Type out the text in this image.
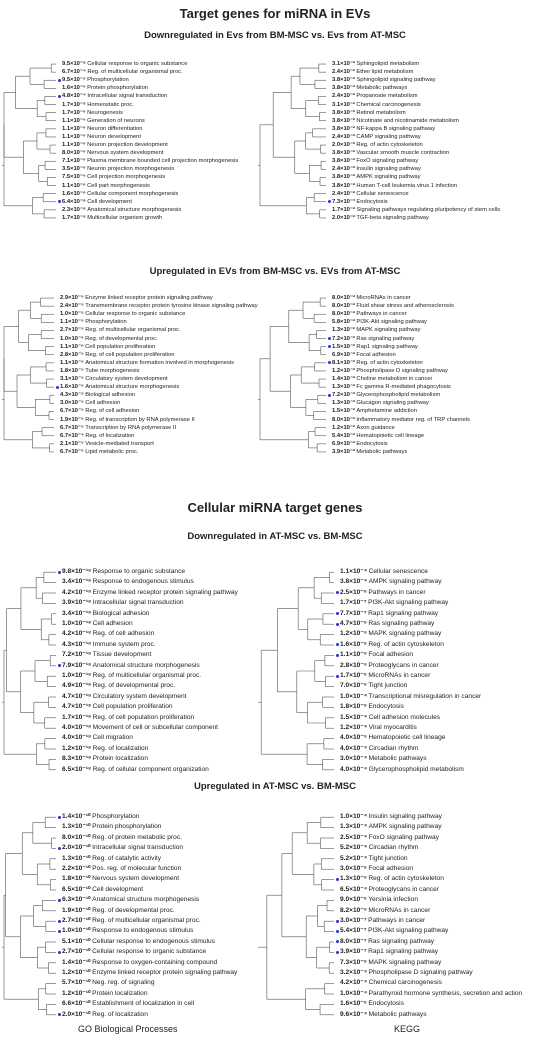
Target genes for miRNA in EVs
Downregulated in Evs from BM-MSC vs. Evs from AT-MSC
Upregulated in EVs from BM-MSC vs. EVs from AT-MSC
Cellular miRNA target genes
Downregulated in AT-MSC vs. BM-MSC
Upregulated in AT-MSC vs. BM-MSC
GO Biological Processes	KEGG
9.5×10⁻⁸ Cellular response to organic substance
6.7×10⁻⁴ Reg. of multicellular organismal proc.
9.5×10⁻⁶ Phosphorylation
1.6×10⁻⁶ Protein phosphorylation
4.8×10⁻⁴ Intracellular signal transduction
1.7×10⁻⁸ Homeostatic proc.
1.7×10⁻⁶ Neurogenesis
1.1×10⁻⁶ Generation of neurons
1.1×10⁻⁶ Neuron differentiation
1.1×10⁻⁶ Neuron development
1.1×10⁻⁶ Neuron projection development
8.0×10⁻⁶ Nervous system development
7.1×10⁻⁶ Plasma membrane bounded cell projection morphogenesis
3.5×10⁻⁶ Neuron projection morphogenesis
7.5×10⁻⁶ Cell projection morphogenesis
1.1×10⁻⁶ Cell part morphogenesis
1.6×10⁻⁶ Cellular component morphogenesis
6.4×10⁻⁸ Cell development
2.3×10⁻⁸ Anatomical structure morphogenesis
1.7×10⁻⁸ Multicellular organism growth
3.1×10⁻² Sphingolipid metabolism
2.4×10⁻² Ether lipid metabolism
3.8×10⁻² Sphingolipid signaling pathway
3.8×10⁻² Metabolic pathways
2.4×10⁻² Propanoate metabolism
3.1×10⁻² Chemical carcinogenesis
3.8×10⁻² Retinol metabolism
3.8×10⁻² Nicotinate and nicotinamide metabolism
3.8×10⁻² NF-kappa B signaling pathway
2.4×10⁻² CAMP signaling pathway
2.0×10⁻² Reg. of actin cytoskeleton
3.8×10⁻² Vascular smooth muscle contraction
3.8×10⁻² FoxO signaling pathway
2.4×10⁻² Insulin signaling pathway
3.8×10⁻² AMPK signaling pathway
3.8×10⁻² Human T-cell leukemia virus 1 infection
2.4×10⁻² Cellular senescence
7.3×10⁻³ Endocytosis
1.7×10⁻² Signaling pathways regulating pluripotency of stem cells
2.0×10⁻² TGF-beta signaling pathway
2.9×10⁻⁵ Enzyme linked receptor protein signaling pathway
2.4×10⁻⁵ Transmembrane receptor protein tyrosine kinase signaling pathway
1.0×10⁻⁵ Cellular response to organic substance
1.1×10⁻⁵ Phosphorylation
2.7×10⁻⁵ Reg. of multicellular organismal proc.
1.0×10⁻⁶ Reg. of developmental proc.
1.1×10⁻⁶ Cell population proliferation
2.8×10⁻⁵ Reg. of cell population proliferation
1.1×10⁻⁵ Anatomical structure formation involved in morphogenesis
1.8×10⁻⁵ Tube morphogenesis
3.1×10⁻⁵ Circulatory system development
1.6×10⁻⁵ Anatomical structure morphogenesis
4.3×10⁻⁵ Biological adhesion
3.0×10⁻⁵ Cell adhesion
6.7×10⁻⁵ Reg. of cell adhesion
1.9×10⁻⁵ Reg. of transcription by RNA polymerase II
6.7×10⁻⁵ Transcription by RNA polymerase II
6.7×10⁻⁴ Reg. of localization
2.1×10⁻⁵ Vesicle-mediated transport
6.7×10⁻⁵ Lipid metabolic proc.
8.0×10⁻² MicroRNAs in cancer
8.0×10⁻² Fluid shear stress and atherosclerosis
8.0×10⁻² Pathways in cancer
5.8×10⁻² PI3K-Akt signaling pathway
1.3×10⁻² MAPK signaling pathway
7.2×10⁻² Ras signaling pathway
1.5×10⁻² Rap1 signaling pathway
6.9×10⁻² Focal adhesion
8.1×10⁻² Reg. of actin cytoskeleton
1.2×10⁻² Phospholipase D signaling pathway
1.4×10⁻² Choline metabolism in cancer
1.3×10⁻² Fc gamma R-mediated phagocytosis
7.2×10⁻² Glycerophospholipid metabolism
1.3×10⁻² Glucagon signaling pathway
1.5×10⁻² Amphetamine addiction
8.0×10⁻² Inflammatory mediator reg. of TRP channels
1.2×10⁻² Axon guidance
5.4×10⁻² Hematopoietic cell lineage
6.9×10⁻² Endocytosis
3.9×10⁻² Metabolic pathways
9.8×10⁻¹⁸ Response to organic substance
3.4×10⁻¹⁸ Response to endogenous stimulus
4.2×10⁻¹⁸ Enzyme linked receptor protein signaling pathway
3.9×10⁻¹⁸ Intracellular signal transduction
3.4×10⁻¹⁸ Biological adhesion
1.0×10⁻¹⁸ Cell adhesion
4.2×10⁻¹⁸ Reg. of cell adhesion
4.3×10⁻¹⁸ Immune system proc.
7.2×10⁻¹⁸ Tissue development
7.9×10⁻¹⁸ Anatomical structure morphogenesis
1.0×10⁻¹⁸ Reg. of multicellular organismal proc.
4.9×10⁻¹⁸ Reg. of developmental proc.
4.7×10⁻¹⁸ Circulatory system development
4.7×10⁻¹⁸ Cell population proliferation
1.7×10⁻¹⁸ Reg. of cell population proliferation
4.0×10⁻¹⁸ Movement of cell or subcellular component
4.0×10⁻¹⁸ Cell migration
1.2×10⁻¹⁸ Reg. of localization
8.3×10⁻¹⁸ Protein localization
6.5×10⁻¹⁸ Reg. of cellular component organization
1.1×10⁻⁴ Cellular senescence
3.8×10⁻⁴ AMPK signaling pathway
2.5×10⁻⁶ Pathways in cancer
1.7×10⁻⁷ PI3K-Akt signaling pathway
7.7×10⁻⁷ Rap1 signaling pathway
4.7×10⁻⁶ Ras signaling pathway
1.2×10⁻⁶ MAPK signaling pathway
1.6×10⁻⁶ Reg. of actin cytoskeleton
1.1×10⁻⁶ Focal adhesion
2.8×10⁻⁶ Proteoglycans in cancer
1.7×10⁻⁶ MicroRNAs in cancer
7.0×10⁻⁶ Tight junction
1.0×10⁻⁴ Transcriptional misregulation in cancer
1.8×10⁻⁶ Endocytosis
1.5×10⁻⁴ Cell adhesion molecules
1.2×10⁻⁴ Viral myocarditis
4.0×10⁻⁵ Hematopoietic cell lineage
4.0×10⁻⁴ Circadian rhythm
3.0×10⁻⁴ Metabolic pathways
4.0×10⁻⁴ Glycerophospholipid metabolism
1.4×10⁻¹⁰ Phosphorylation
1.3×10⁻¹⁰ Protein phosphorylation
8.0×10⁻¹⁰ Reg. of protein metabolic proc.
2.0×10⁻¹⁰ Intracellular signal transduction
1.3×10⁻¹⁰ Reg. of catalytic activity
2.2×10⁻¹⁰ Pos. reg. of molecular function
1.8×10⁻¹⁰ Nervous system development
6.5×10⁻¹⁰ Cell development
6.3×10⁻¹⁰ Anatomical structure morphogenesis
1.9×10⁻¹⁰ Reg. of developmental proc.
2.7×10⁻¹⁰ Reg. of multicellular organismal proc.
1.0×10⁻¹⁰ Response to endogenous stimulus
5.1×10⁻¹⁰ Cellular response to endogenous stimulus
2.7×10⁻¹⁰ Cellular response to organic substance
1.4×10⁻¹⁰ Response to oxygen-containing compound
1.2×10⁻¹⁰ Enzyme linked receptor protein signaling pathway
5.7×10⁻¹⁰ Neg. reg. of signaling
1.2×10⁻¹⁰ Protein localization
6.6×10⁻¹⁰ Establishment of localization in cell
2.0×10⁻¹⁰ Reg. of localization
1.0×10⁻⁴ Insulin signaling pathway
1.3×10⁻⁴ AMPK signaling pathway
2.5×10⁻⁴ FoxO signaling pathway
5.2×10⁻⁴ Circadian rhythm
5.2×10⁻⁴ Tight junction
3.0×10⁻⁶ Focal adhesion
1.3×10⁻⁶ Reg. of actin cytoskeleton
6.5×10⁻⁴ Proteoglycans in cancer
9.0×10⁻⁶ Yersinia infection
8.2×10⁻⁶ MicroRNAs in cancer
3.0×10⁻⁷ Pathways in cancer
5.4×10⁻⁷ PI3K-Akt signaling pathway
8.0×10⁻⁷ Ras signaling pathway
3.9×10⁻⁷ Rap1 signaling pathway
7.3×10⁻⁶ MAPK signaling pathway
3.2×10⁻⁴ Phospholipase D signaling pathway
4.2×10⁻⁴ Chemical carcinogenesis
1.0×10⁻⁴ Parathyroid hormone synthesis, secretion and action
1.6×10⁻⁶ Endocytosis
9.6×10⁻⁴ Metabolic pathways
